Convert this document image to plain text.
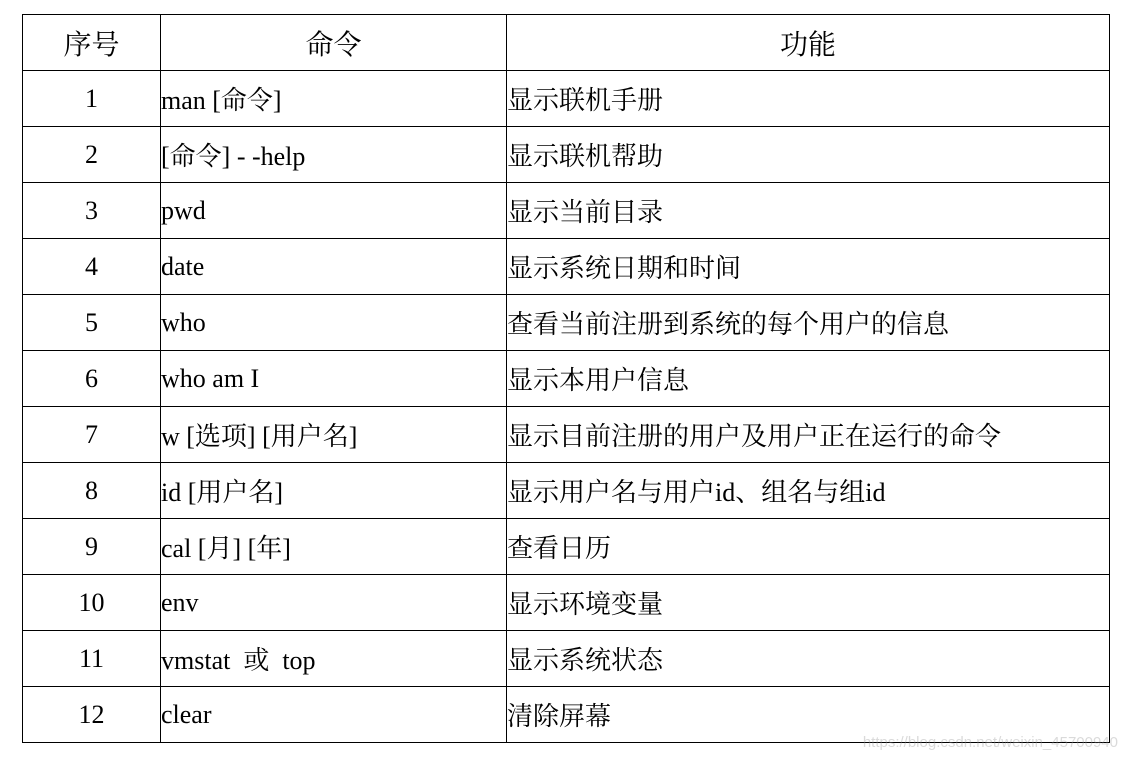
序号	命令	功能
1	man [命令]	显示联机手册
2	[命令] - -help	显示联机帮助
3	pwd	显示当前目录
4	date	显示系统日期和时间
5	who	查看当前注册到系统的每个用户的信息
6	who am I	显示本用户信息
7	w [选项] [用户名]	显示目前注册的用户及用户正在运行的命令
8	id [用户名]	显示用户名与用户id、组名与组id
9	cal [月] [年]	查看日历
10	env	显示环境变量
11	vmstat  或  top	显示系统状态
12	clear	清除屏幕
https://blog.csdn.net/weixin_45700940
